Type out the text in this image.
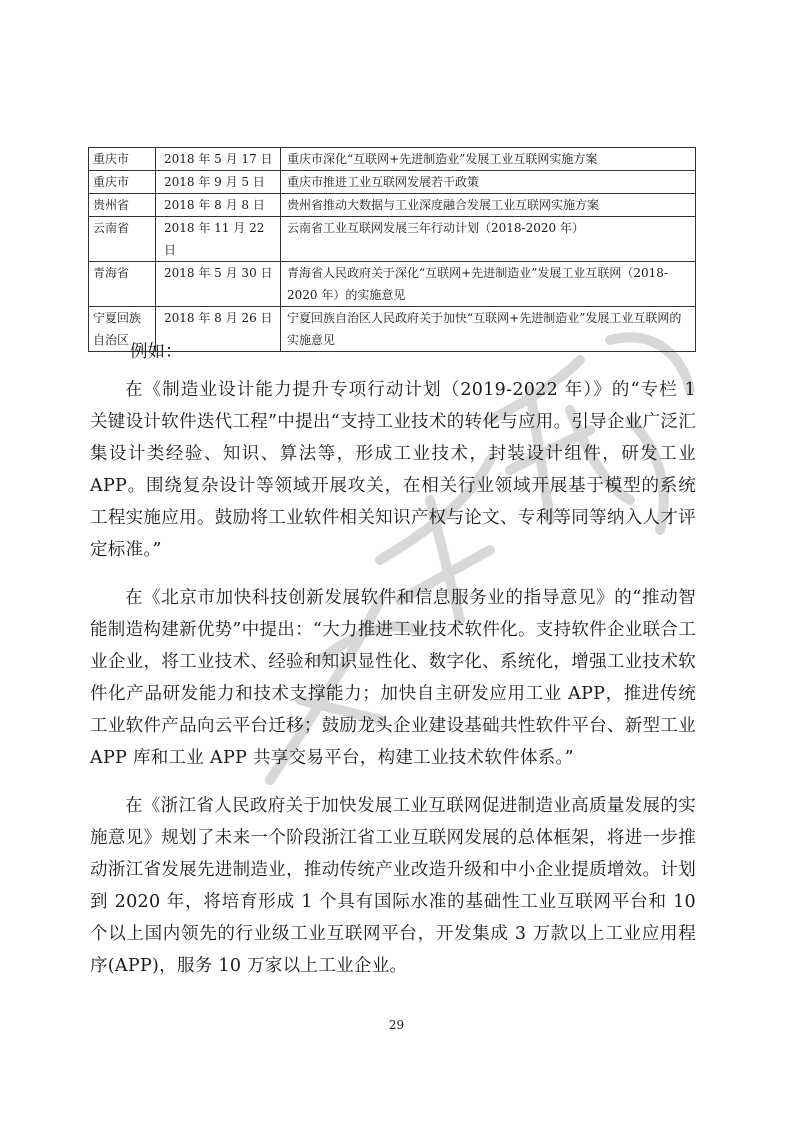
重庆市	2018 年 5 月 17 日	重庆市深化“互联网+先进制造业”发展工业互联网实施方案
重庆市	2018 年 9 月 5 日	重庆市推进工业互联网发展若干政策
贵州省	2018 年 8 月 8 日	贵州省推动大数据与工业深度融合发展工业互联网实施方案
云南省	2018 年 11 月 22 日	云南省工业互联网发展三年行动计划（2018-2020 年）
青海省	2018 年 5 月 30 日	青海省人民政府关于深化“互联网+先进制造业”发展工业互联网（2018-2020 年）的实施意见
宁夏回族自治区	2018 年 8 月 26 日	宁夏回族自治区人民政府关于加快“互联网+先进制造业”发展工业互联网的实施意见
例如：

在《制造业设计能力提升专项行动计划（2019-2022 年）》的“专栏 1 关键设计软件迭代工程”中提出“支持工业技术的转化与应用。引导企业广泛汇集设计类经验、知识、算法等，形成工业技术，封装设计组件，研发工业 APP。围绕复杂设计等领域开展攻关，在相关行业领域开展基于模型的系统工程实施应用。鼓励将工业软件相关知识产权与论文、专利等同等纳入人才评定标准。”

在《北京市加快科技创新发展软件和信息服务业的指导意见》的“推动智能制造构建新优势”中提出：“大力推进工业技术软件化。支持软件企业联合工业企业，将工业技术、经验和知识显性化、数字化、系统化，增强工业技术软件化产品研发能力和技术支撑能力；加快自主研发应用工业 APP，推进传统工业软件产品向云平台迁移；鼓励龙头企业建设基础共性软件平台、新型工业 APP 库和工业 APP 共享交易平台，构建工业技术软件体系。”

在《浙江省人民政府关于加快发展工业互联网促进制造业高质量发展的实施意见》规划了未来一个阶段浙江省工业互联网发展的总体框架，将进一步推动浙江省发展先进制造业，推动传统产业改造升级和中小企业提质增效。计划到 2020 年，将培育形成 1 个具有国际水准的基础性工业互联网平台和 10 个以上国内领先的行业级工业互联网平台，开发集成 3 万款以上工业应用程序(APP)，服务 10 万家以上工业企业。

29
